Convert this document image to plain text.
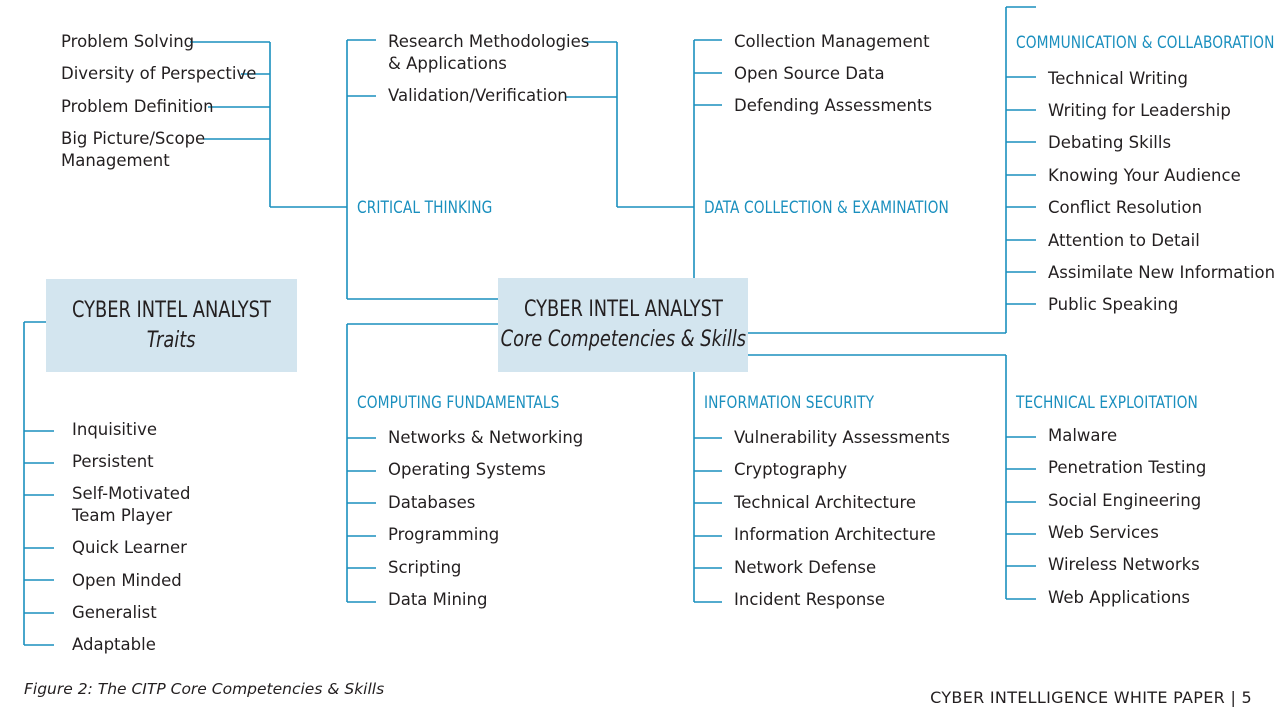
CYBER INTEL ANALYST
Core Competencies & Skills
CYBER INTEL ANALYST
Traits
CRITICAL THINKING
Problem Solving
Diversity of Perspective
Problem Definition
Big Picture/Scope
Management
Research Methodologies
& Applications
Validation/Verification
DATA COLLECTION & EXAMINATION
Collection Management
Open Source Data
Defending Assessments
COMMUNICATION & COLLABORATION
Technical Writing
Writing for Leadership
Debating Skills
Knowing Your Audience
Conflict Resolution
Attention to Detail
Assimilate New Information
Public Speaking
COMPUTING FUNDAMENTALS
Networks & Networking
Operating Systems
Databases
Programming
Scripting
Data Mining
INFORMATION SECURITY
Vulnerability Assessments
Cryptography
Technical Architecture
Information Architecture
Network Defense
Incident Response
TECHNICAL EXPLOITATION
Malware
Penetration Testing
Social Engineering
Web Services
Wireless Networks
Web Applications
Inquisitive
Persistent
Self-Motivated
Team Player
Quick Learner
Open Minded
Generalist
Adaptable
Figure 2: The CITP Core Competencies & Skills	CYBER INTELLIGENCE WHITE PAPER | 5
